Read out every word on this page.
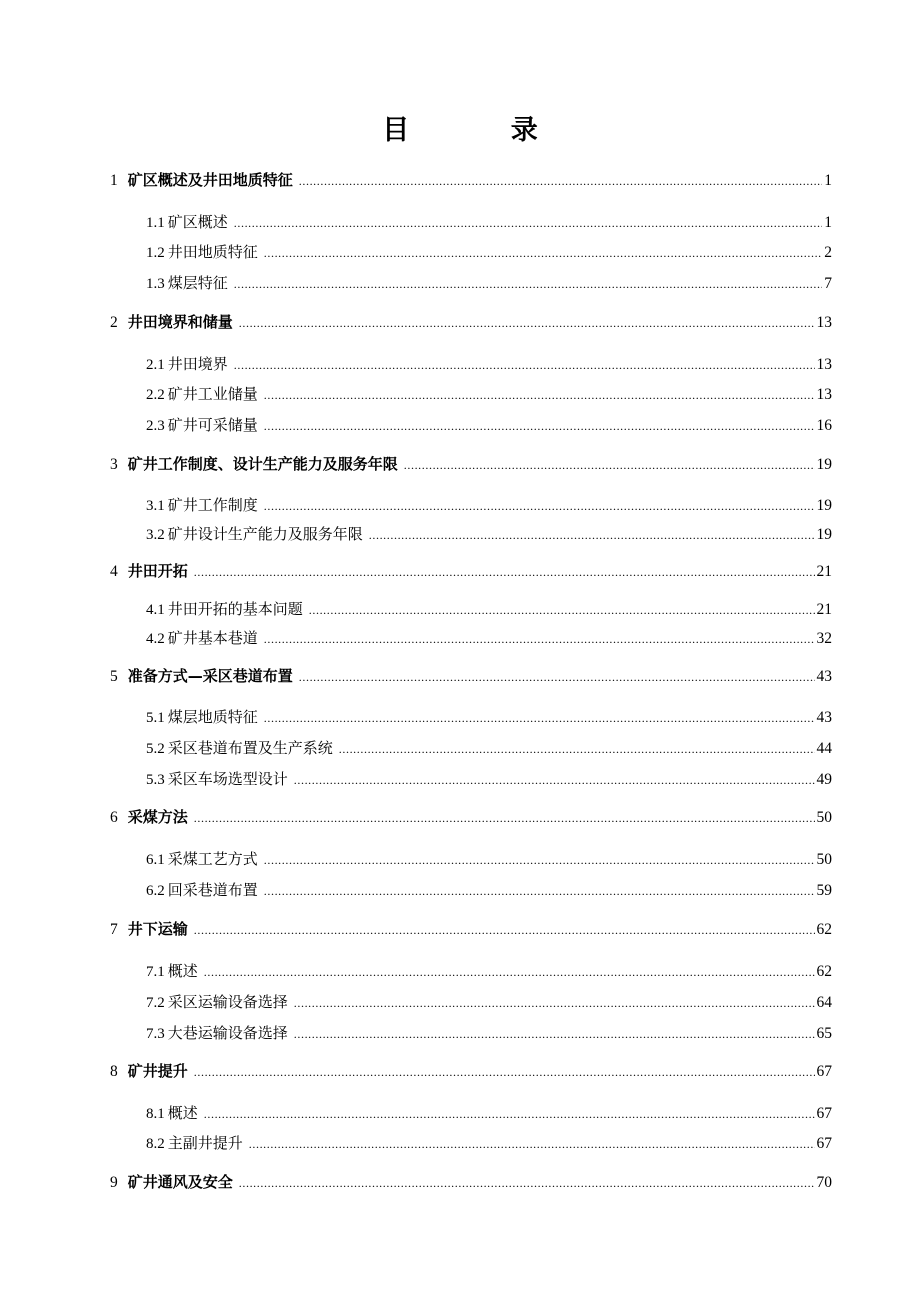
目 录
1 矿区概述及井田地质特征 .....	1
1.1 矿区概述 .....	1
1.2 井田地质特征 .....	2
1.3 煤层特征 .....	7
2 井田境界和储量 .....	13
2.1 井田境界 .....	13
2.2 矿井工业储量 .....	13
2.3 矿井可采储量 .....	16
3 矿井工作制度、设计生产能力及服务年限 .....	19
3.1 矿井工作制度 .....	19
3.2 矿井设计生产能力及服务年限 .....	19
4 井田开拓 .....	21
4.1 井田开拓的基本问题 .....	21
4.2 矿井基本巷道 .....	32
5 准备方式—采区巷道布置 .....	43
5.1 煤层地质特征 .....	43
5.2 采区巷道布置及生产系统 .....	44
5.3 采区车场选型设计 .....	49
6 采煤方法 .....	50
6.1 采煤工艺方式 .....	50
6.2 回采巷道布置 .....	59
7 井下运输 .....	62
7.1 概述 .....	62
7.2 采区运输设备选择 .....	64
7.3 大巷运输设备选择 .....	65
8 矿井提升 .....	67
8.1 概述 .....	67
8.2 主副井提升 .....	67
9 矿井通风及安全 .....	70
